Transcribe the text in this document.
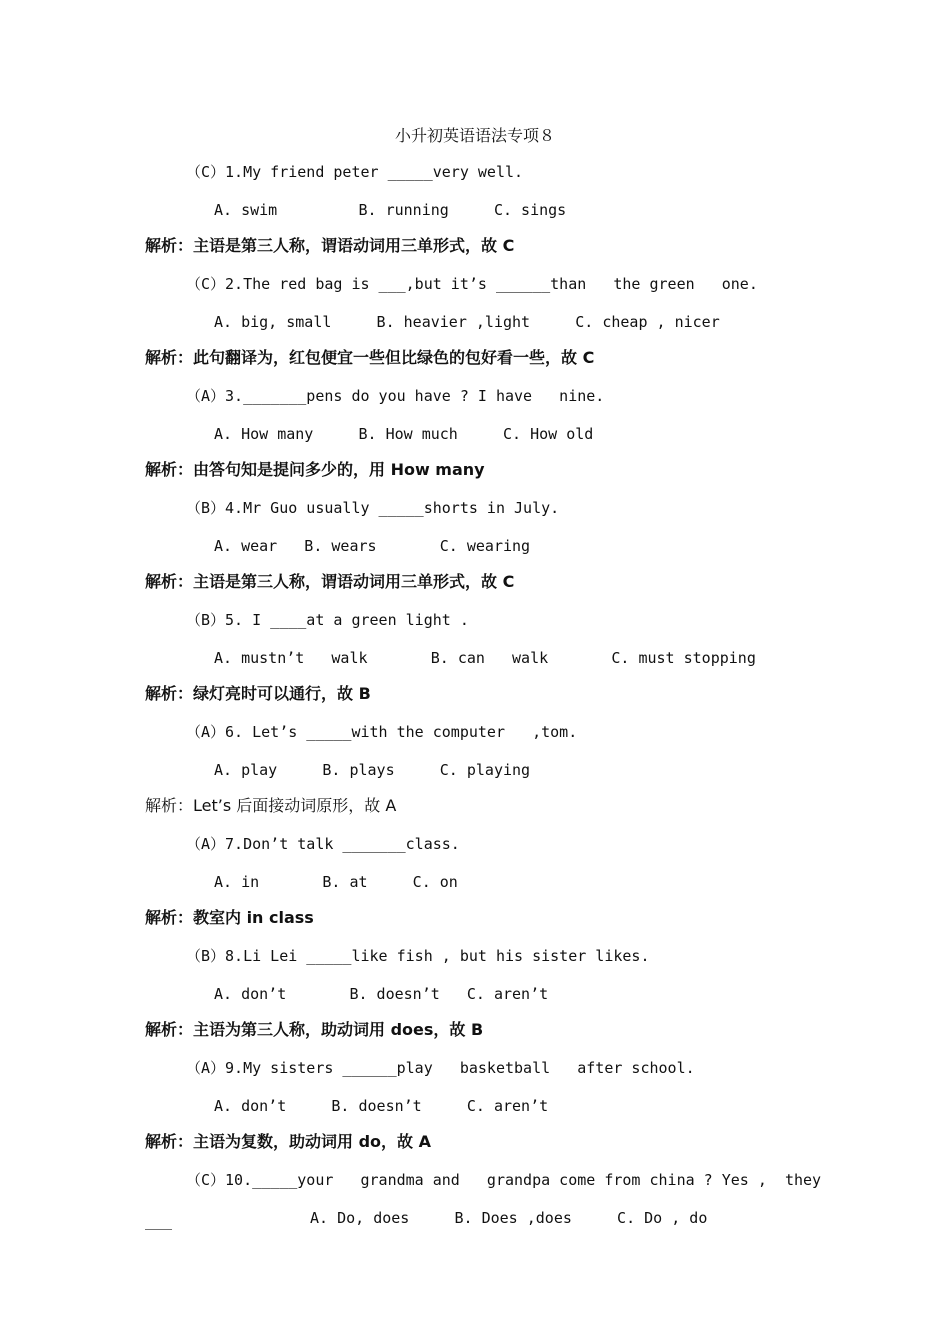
小升初英语语法专项８
（C）1.My friend peter _____very well.
A. swim         B. running     C. sings
解析：主语是第三人称，谓语动词用三单形式，故 C
（C）2.The red bag is ___,but it’s ______than   the green   one.
A. big, small     B. heavier ,light     C. cheap , nicer
解析：此句翻译为，红包便宜一些但比绿色的包好看一些，故 C
（A）3._______pens do you have ? I have   nine.
A. How many     B. How much     C. How old
解析：由答句知是提问多少的，用 How many
（B）4.Mr Guo usually _____shorts in July.
A. wear   B. wears       C. wearing
解析：主语是第三人称，谓语动词用三单形式，故 C
（B）5. I ____at a green light .
A. mustn’t   walk       B. can   walk       C. must stopping
解析：绿灯亮时可以通行，故 B
（A）6. Let’s _____with the computer   ,tom.
A. play     B. plays     C. playing
解析：Let’s 后面接动词原形，故 A
（A）7.Don’t talk _______class.
A. in       B. at     C. on
解析：教室内 in class
（B）8.Li Lei _____like fish , but his sister likes.
A. don’t       B. doesn’t   C. aren’t
解析：主语为第三人称，助动词用 does，故 B
（A）9.My sisters ______play   basketball   after school.
A. don’t     B. doesn’t     C. aren’t
解析：主语为复数，助动词用 do，故 A
（C）10._____your   grandma and   grandpa come from china ? Yes ,  they
___	A. Do, does     B. Does ,does     C. Do , do
